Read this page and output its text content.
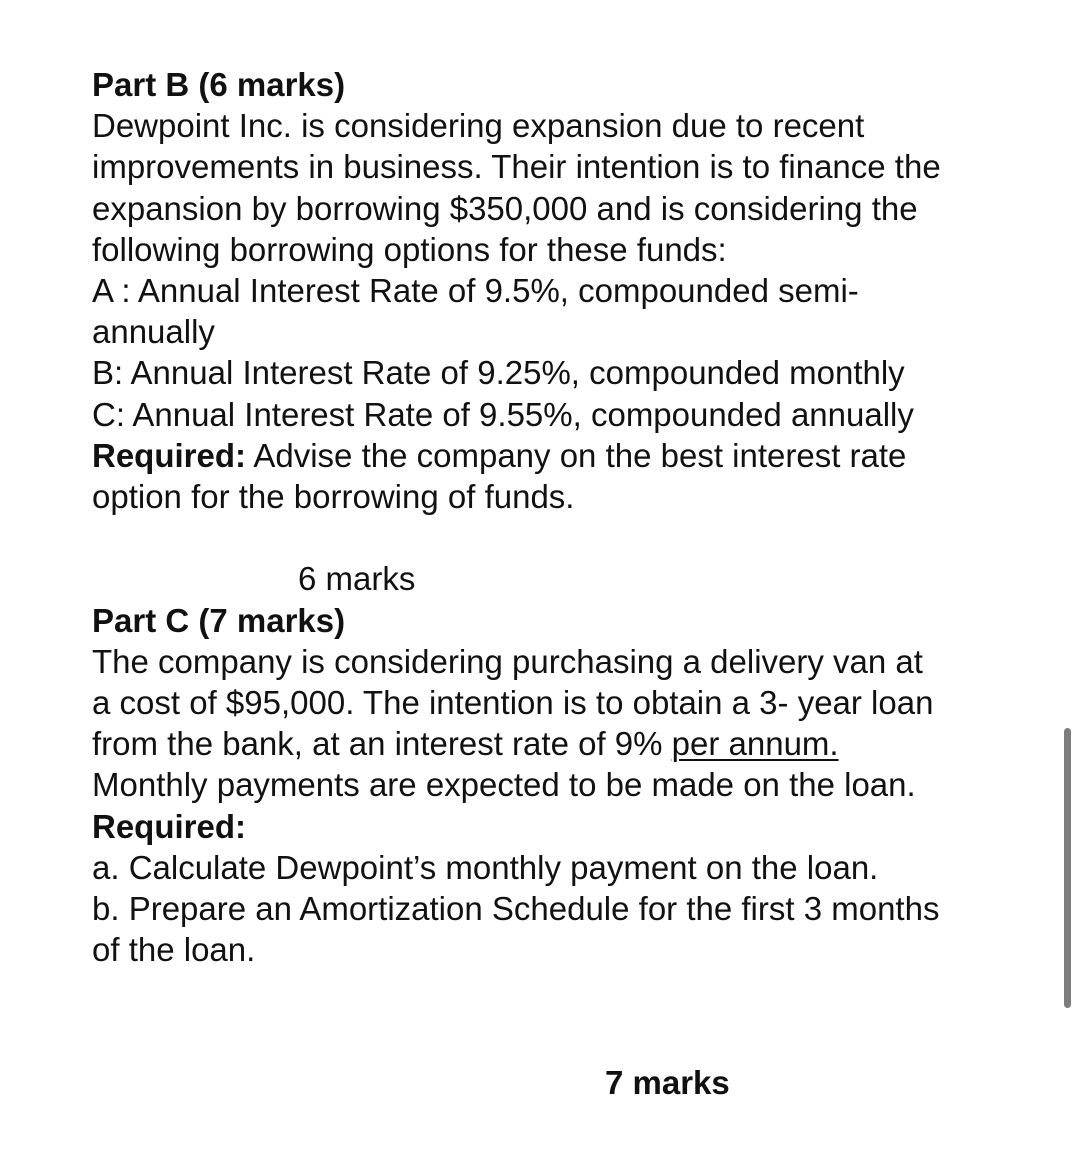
Part B (6 marks)
Dewpoint Inc. is considering expansion due to recent
improvements in business. Their intention is to finance the
expansion by borrowing $350,000 and is considering the
following borrowing options for these funds:
A : Annual Interest Rate of 9.5%, compounded semi-
annually
B: Annual Interest Rate of 9.25%, compounded monthly
C: Annual Interest Rate of 9.55%, compounded annually
Required: Advise the company on the best interest rate
option for the borrowing of funds.
6 marks
Part C (7 marks)
The company is considering purchasing a delivery van at
a cost of $95,000. The intention is to obtain a 3- year loan
from the bank, at an interest rate of 9% per annum.
Monthly payments are expected to be made on the loan.
Required:
a. Calculate Dewpoint’s monthly payment on the loan.
b. Prepare an Amortization Schedule for the first 3 months
of the loan.
7 marks
